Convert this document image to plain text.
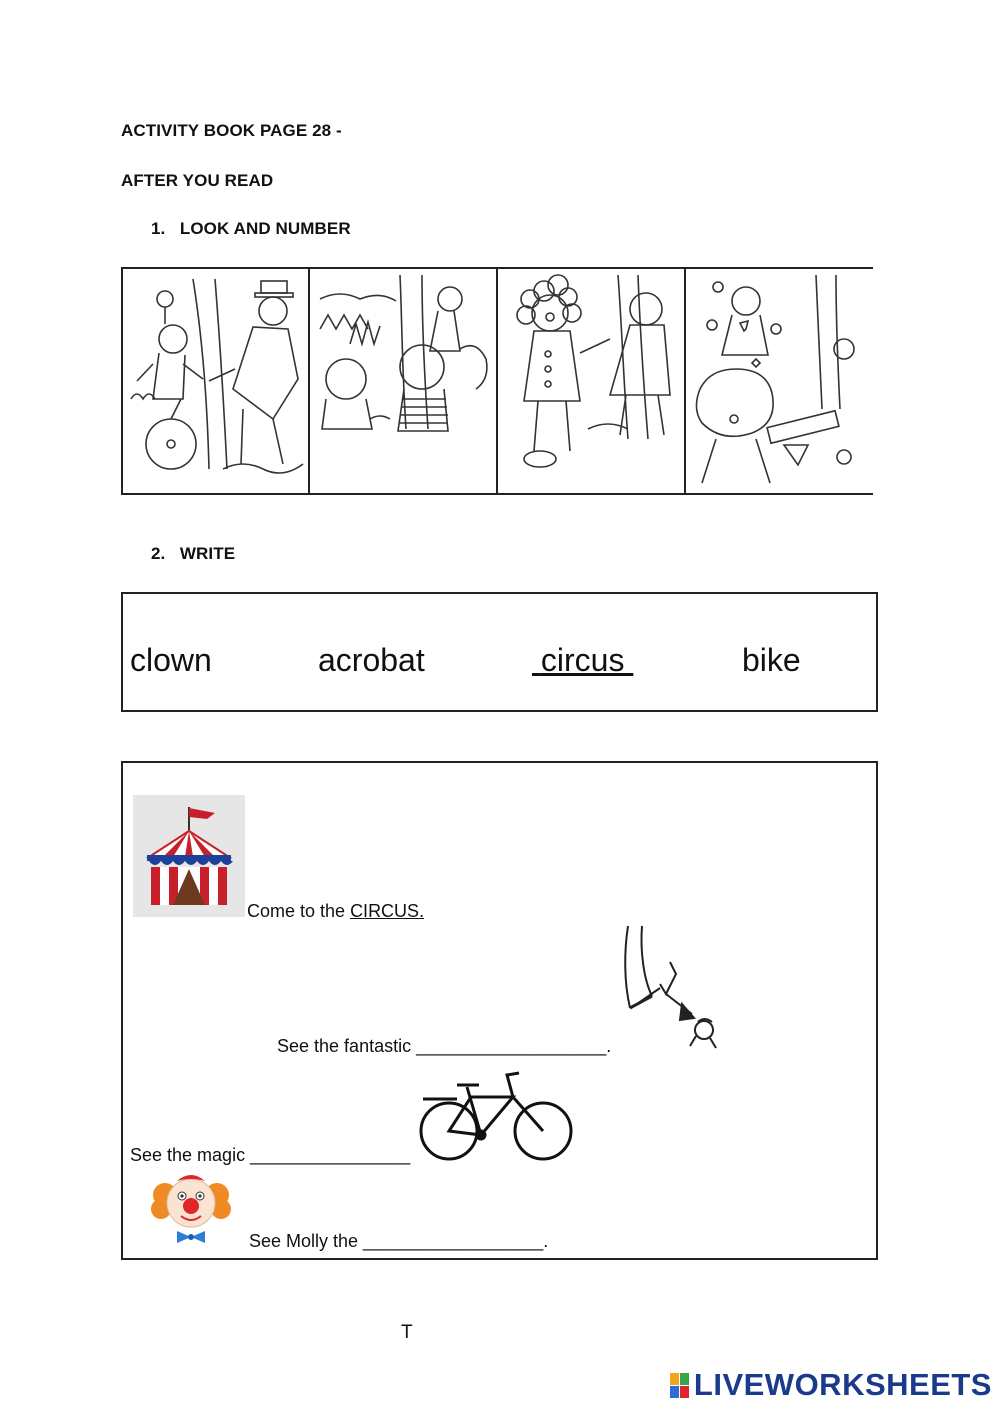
ACTIVITY BOOK PAGE 28 -
AFTER YOU READ
1. LOOK AND NUMBER
2. WRITE
clown	acrobat	circus	bike
Come to the CIRCUS.
See the fantastic ___________________.
See the magic ________________
See Molly the __________________.
T
LIVEWORKSHEETS
